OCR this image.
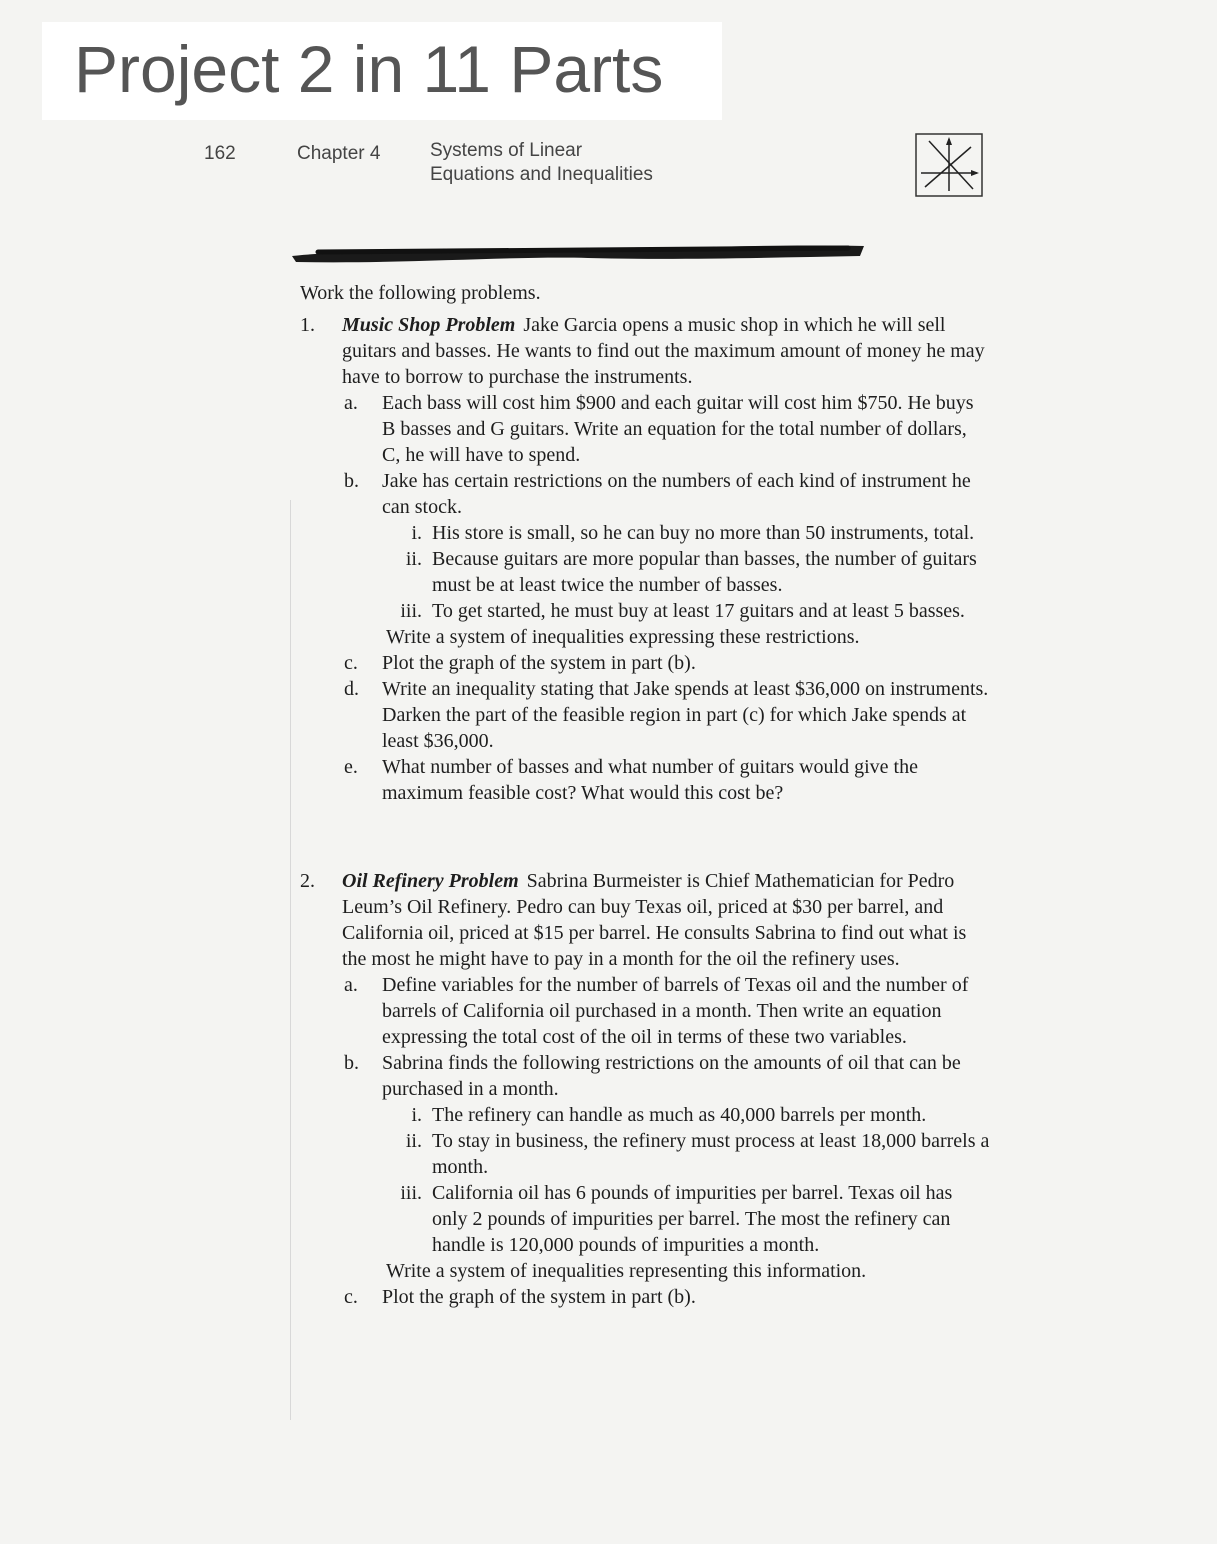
Project 2 in 11 Parts
162	Chapter 4	Systems of Linear
Equations and Inequalities
Work the following problems.
1. Music Shop Problem Jake Garcia opens a music shop in which he will sell guitars and basses. He wants to find out the maximum amount of money he may have to borrow to purchase the instruments.
a. Each bass will cost him $900 and each guitar will cost him $750. He buys B basses and G guitars. Write an equation for the total number of dollars, C, he will have to spend.
b. Jake has certain restrictions on the numbers of each kind of instrument he can stock.
i. His store is small, so he can buy no more than 50 instruments, total.
ii. Because guitars are more popular than basses, the number of guitars must be at least twice the number of basses.
iii. To get started, he must buy at least 17 guitars and at least 5 basses.
Write a system of inequalities expressing these restrictions.
c. Plot the graph of the system in part (b).
d. Write an inequality stating that Jake spends at least $36,000 on instruments. Darken the part of the feasible region in part (c) for which Jake spends at least $36,000.
e. What number of basses and what number of guitars would give the maximum feasible cost? What would this cost be?
2. Oil Refinery Problem Sabrina Burmeister is Chief Mathematician for Pedro Leum’s Oil Refinery. Pedro can buy Texas oil, priced at $30 per barrel, and California oil, priced at $15 per barrel. He consults Sabrina to find out what is the most he might have to pay in a month for the oil the refinery uses.
a. Define variables for the number of barrels of Texas oil and the number of barrels of California oil purchased in a month. Then write an equation expressing the total cost of the oil in terms of these two variables.
b. Sabrina finds the following restrictions on the amounts of oil that can be purchased in a month.
i. The refinery can handle as much as 40,000 barrels per month.
ii. To stay in business, the refinery must process at least 18,000 barrels a month.
iii. California oil has 6 pounds of impurities per barrel. Texas oil has only 2 pounds of impurities per barrel. The most the refinery can handle is 120,000 pounds of impurities a month.
Write a system of inequalities representing this information.
c. Plot the graph of the system in part (b).
